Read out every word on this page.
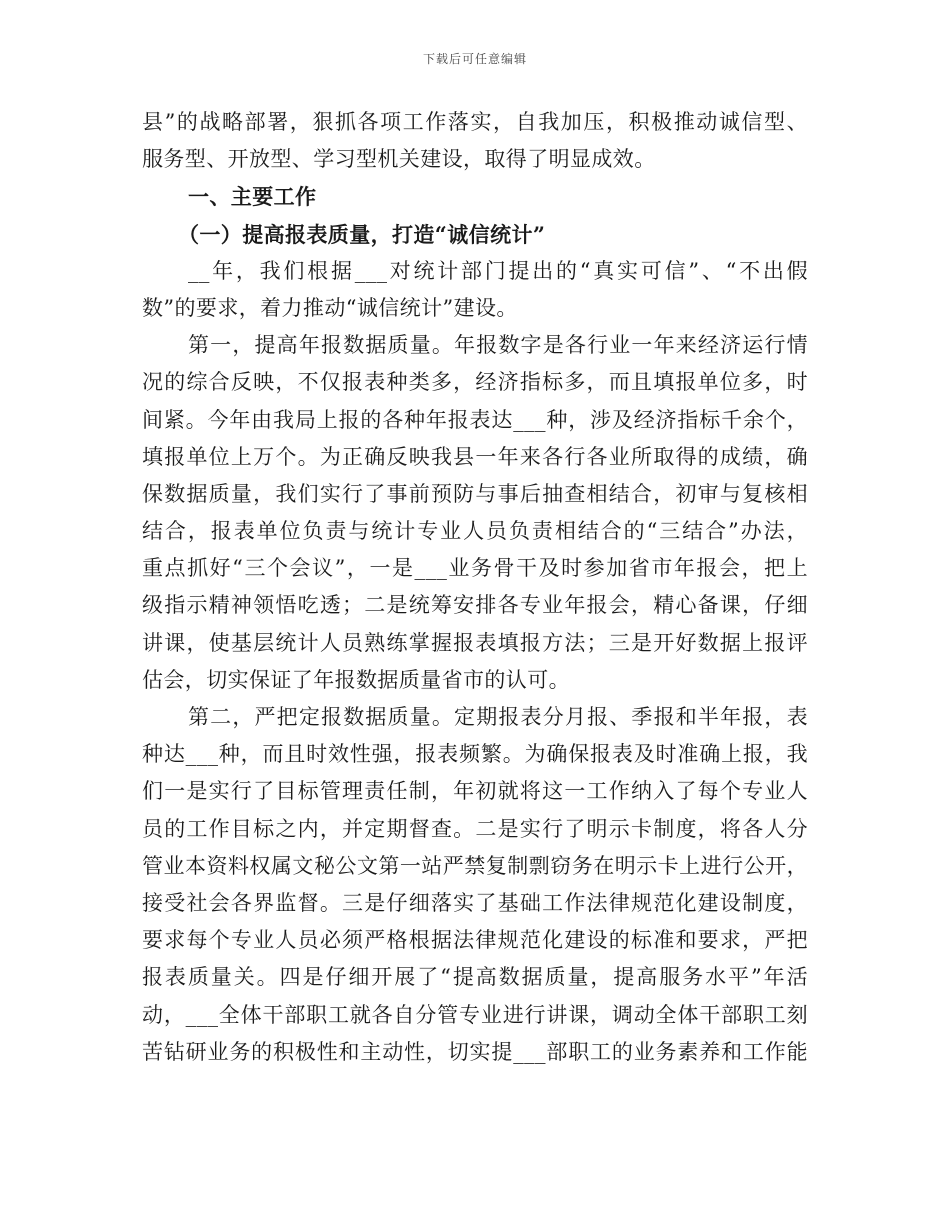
下载后可任意编辑
县”的战略部署，狠抓各项工作落实，自我加压，积极推动诚信型、
服务型、开放型、学习型机关建设，取得了明显成效。
一、主要工作
（一）提高报表质量，打造“诚信统计”
__年，我们根据___对统计部门提出的“真实可信”、“不出假
数”的要求，着力推动“诚信统计”建设。
第一，提高年报数据质量。年报数字是各行业一年来经济运行情
况的综合反映，不仅报表种类多，经济指标多，而且填报单位多，时
间紧。今年由我局上报的各种年报表达___种，涉及经济指标千余个，
填报单位上万个。为正确反映我县一年来各行各业所取得的成绩，确
保数据质量，我们实行了事前预防与事后抽查相结合，初审与复核相
结合，报表单位负责与统计专业人员负责相结合的“三结合”办法，
重点抓好“三个会议”，一是___业务骨干及时参加省市年报会，把上
级指示精神领悟吃透；二是统筹安排各专业年报会，精心备课，仔细
讲课，使基层统计人员熟练掌握报表填报方法；三是开好数据上报评
估会，切实保证了年报数据质量省市的认可。
第二，严把定报数据质量。定期报表分月报、季报和半年报，表
种达___种，而且时效性强，报表频繁。为确保报表及时准确上报，我
们一是实行了目标管理责任制，年初就将这一工作纳入了每个专业人
员的工作目标之内，并定期督查。二是实行了明示卡制度，将各人分
管业本资料权属文秘公文第一站严禁复制剽窃务在明示卡上进行公开，
接受社会各界监督。三是仔细落实了基础工作法律规范化建设制度，
要求每个专业人员必须严格根据法律规范化建设的标准和要求，严把
报表质量关。四是仔细开展了“提高数据质量，提高服务水平”年活
动，___全体干部职工就各自分管专业进行讲课，调动全体干部职工刻
苦钻研业务的积极性和主动性，切实提___部职工的业务素养和工作能
